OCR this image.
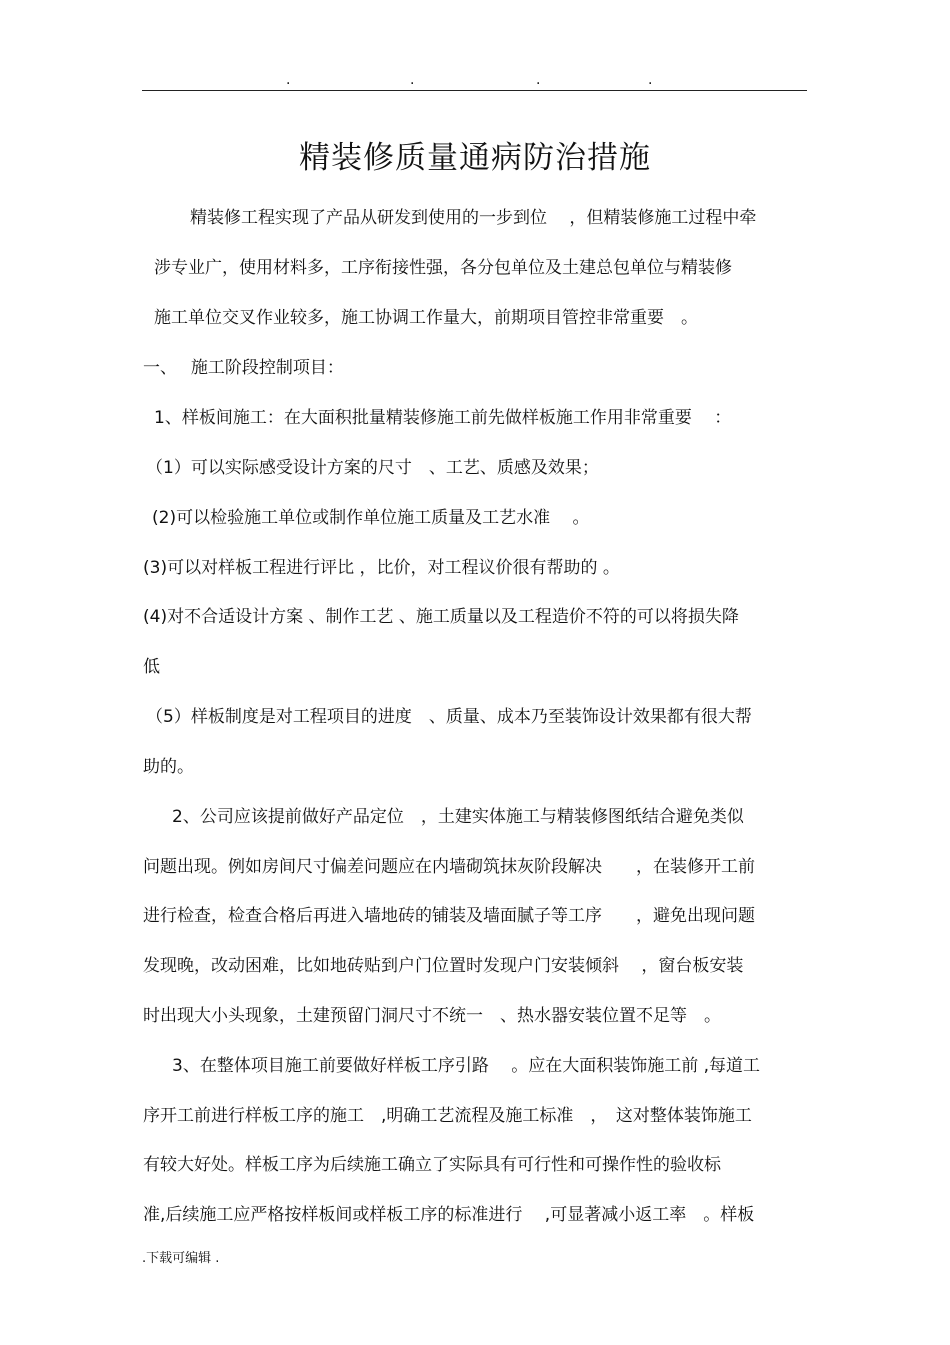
.	.	.	.
精装修质量通病防治措施
精装修工程实现了产品从研发到使用的一步到位　 ，但精装修施工过程中牵
涉专业广，使用材料多，工序衔接性强，各分包单位及土建总包单位与精装修
施工单位交叉作业较多，施工协调工作量大，前期项目管控非常重要　。
一、　 施工阶段控制项目：
1、样板间施工：在大面积批量精装修施工前先做样板施工作用非常重要　 ：
（1）可以实际感受设计方案的尺寸　、工艺、质感及效果；
(2)可以检验施工单位或制作单位施工质量及工艺水准　 。
(3)可以对样板工程进行评比 ，比价，对工程议价很有帮助的 。
(4)对不合适设计方案 、制作工艺 、施工质量以及工程造价不符的可以将损失降
低
（5）样板制度是对工程项目的进度　、质量、成本乃至装饰设计效果都有很大帮
助的。
2、公司应该提前做好产品定位　，土建实体施工与精装修图纸结合避免类似
问题出现。例如房间尺寸偏差问题应在内墙砌筑抹灰阶段解决　　，在装修开工前
进行检查，检查合格后再进入墙地砖的铺装及墙面腻子等工序　　，避免出现问题
发现晚，改动困难，比如地砖贴到户门位置时发现户门安装倾斜　 ，窗台板安装
时出现大小头现象，土建预留门洞尺寸不统一　、热水器安装位置不足等　。
3、在整体项目施工前要做好样板工序引路　 。应在大面积装饰施工前 ,每道工
序开工前进行样板工序的施工　,明确工艺流程及施工标准　，　这对整体装饰施工
有较大好处。样板工序为后续施工确立了实际具有可行性和可操作性的验收标
准,后续施工应严格按样板间或样板工序的标准进行　 ,可显著减小返工率　。样板
.下载可编辑 .
